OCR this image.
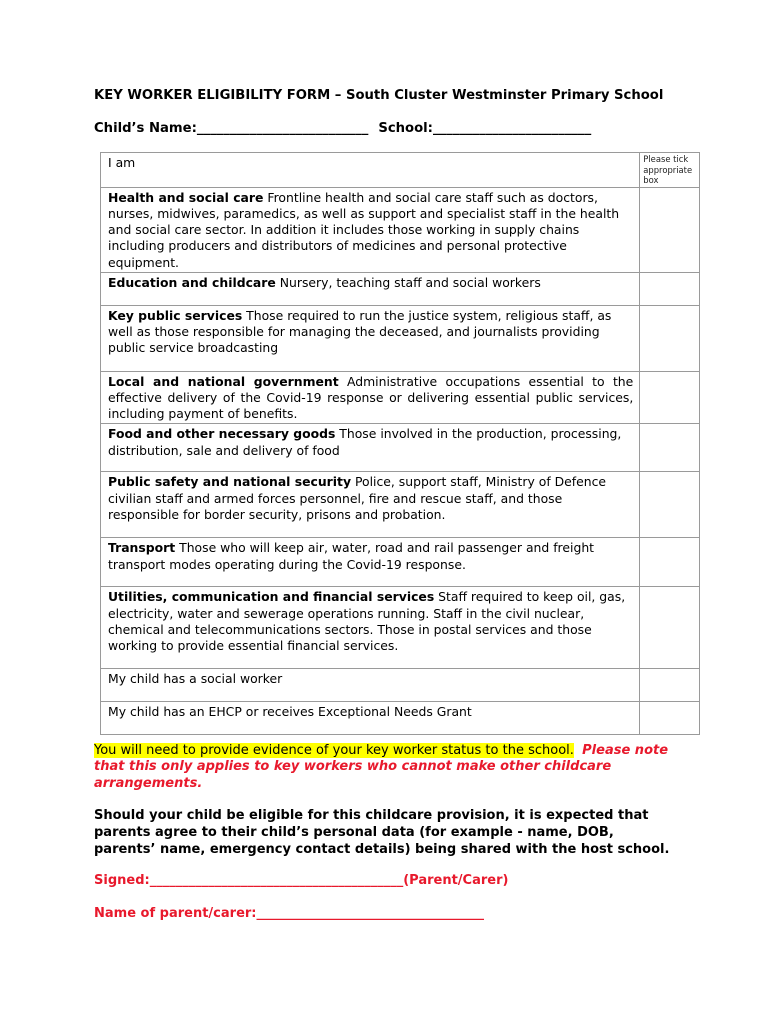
KEY WORKER ELIGIBILITY FORM – South Cluster Westminster Primary School
Child’s Name:__________________________ School:________________________
I am	Please tick appropriate box

Health and social care Frontline health and social care staff such as doctors, nurses, midwives, paramedics, as well as support and specialist staff in the health and social care sector. In addition it includes those working in supply chains including producers and distributors of medicines and personal protective equipment.	
Education and childcare Nursery, teaching staff and social workers	
Key public services Those required to run the justice system, religious staff, as well as those responsible for managing the deceased, and journalists providing public service broadcasting	
Local and national government Administrative occupations essential to the effective delivery of the Covid-19 response or delivering essential public services, including payment of benefits.	
Food and other necessary goods Those involved in the production, processing, distribution, sale and delivery of food	
Public safety and national security Police, support staff, Ministry of Defence civilian staff and armed forces personnel, fire and rescue staff, and those responsible for border security, prisons and probation.	
Transport Those who will keep air, water, road and rail passenger and freight transport modes operating during the Covid-19 response.	
Utilities, communication and financial services Staff required to keep oil, gas, electricity, water and sewerage operations running. Staff in the civil nuclear, chemical and telecommunications sectors. Those in postal services and those working to provide essential financial services.	
My child has a social worker	
My child has an EHCP or receives Exceptional Needs Grant	
You will need to provide evidence of your key worker status to the school. Please note that this only applies to key workers who cannot make other childcare arrangements.
Should your child be eligible for this childcare provision, it is expected that parents agree to their child’s personal data (for example - name, DOB, parents’ name, emergency contact details) being shared with the host school.
Signed:_______________________________________(Parent/Carer)
Name of parent/carer:___________________________________
